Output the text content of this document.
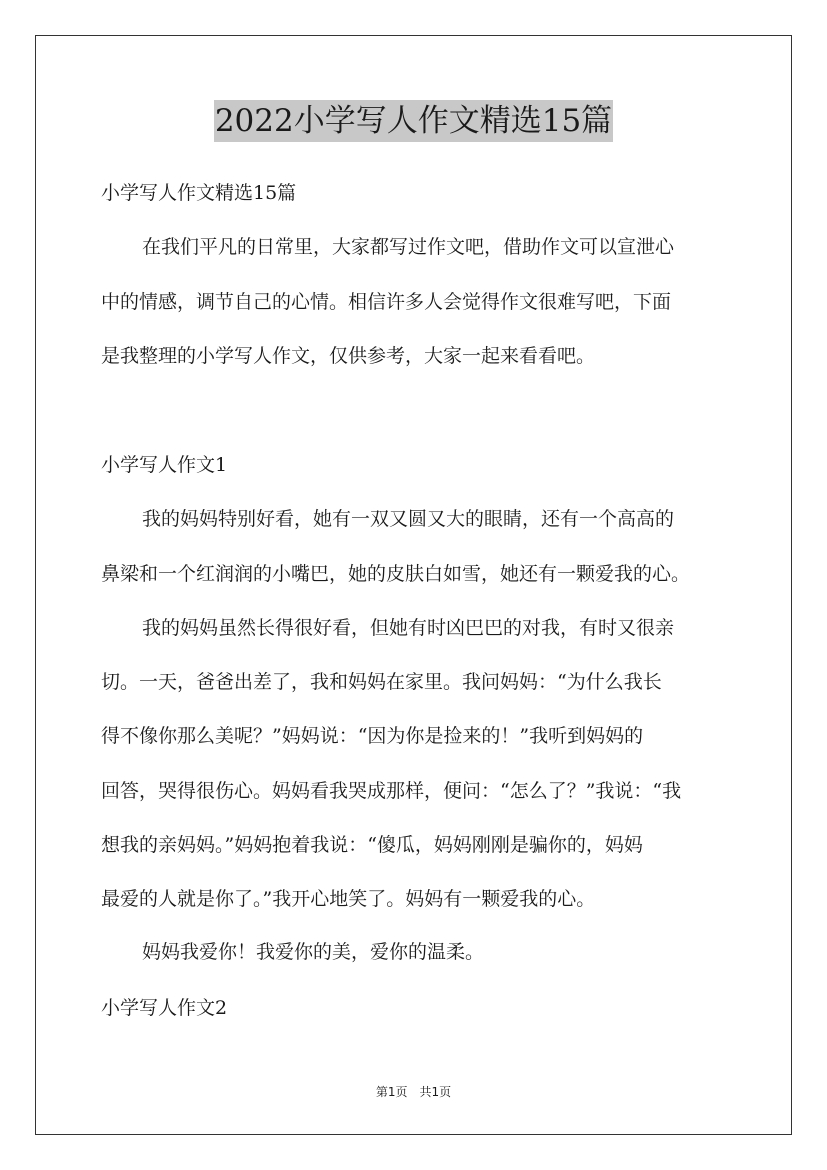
2022小学写人作文精选15篇
小学写人作文精选15篇
在我们平凡的日常里，大家都写过作文吧，借助作文可以宣泄心
中的情感，调节自己的心情。相信许多人会觉得作文很难写吧，下面
是我整理的小学写人作文，仅供参考，大家一起来看看吧。
小学写人作文1
我的妈妈特别好看，她有一双又圆又大的眼睛，还有一个高高的
鼻梁和一个红润润的小嘴巴，她的皮肤白如雪，她还有一颗爱我的心。
我的妈妈虽然长得很好看，但她有时凶巴巴的对我，有时又很亲
切。一天，爸爸出差了，我和妈妈在家里。我问妈妈：“为什么我长
得不像你那么美呢？”妈妈说：“因为你是捡来的！”我听到妈妈的
回答，哭得很伤心。妈妈看我哭成那样，便问：“怎么了？”我说：“我
想我的亲妈妈。”妈妈抱着我说：“傻瓜，妈妈刚刚是骗你的，妈妈
最爱的人就是你了。”我开心地笑了。妈妈有一颗爱我的心。
妈妈我爱你！我爱你的美，爱你的温柔。
小学写人作文2
第1页　共1页
